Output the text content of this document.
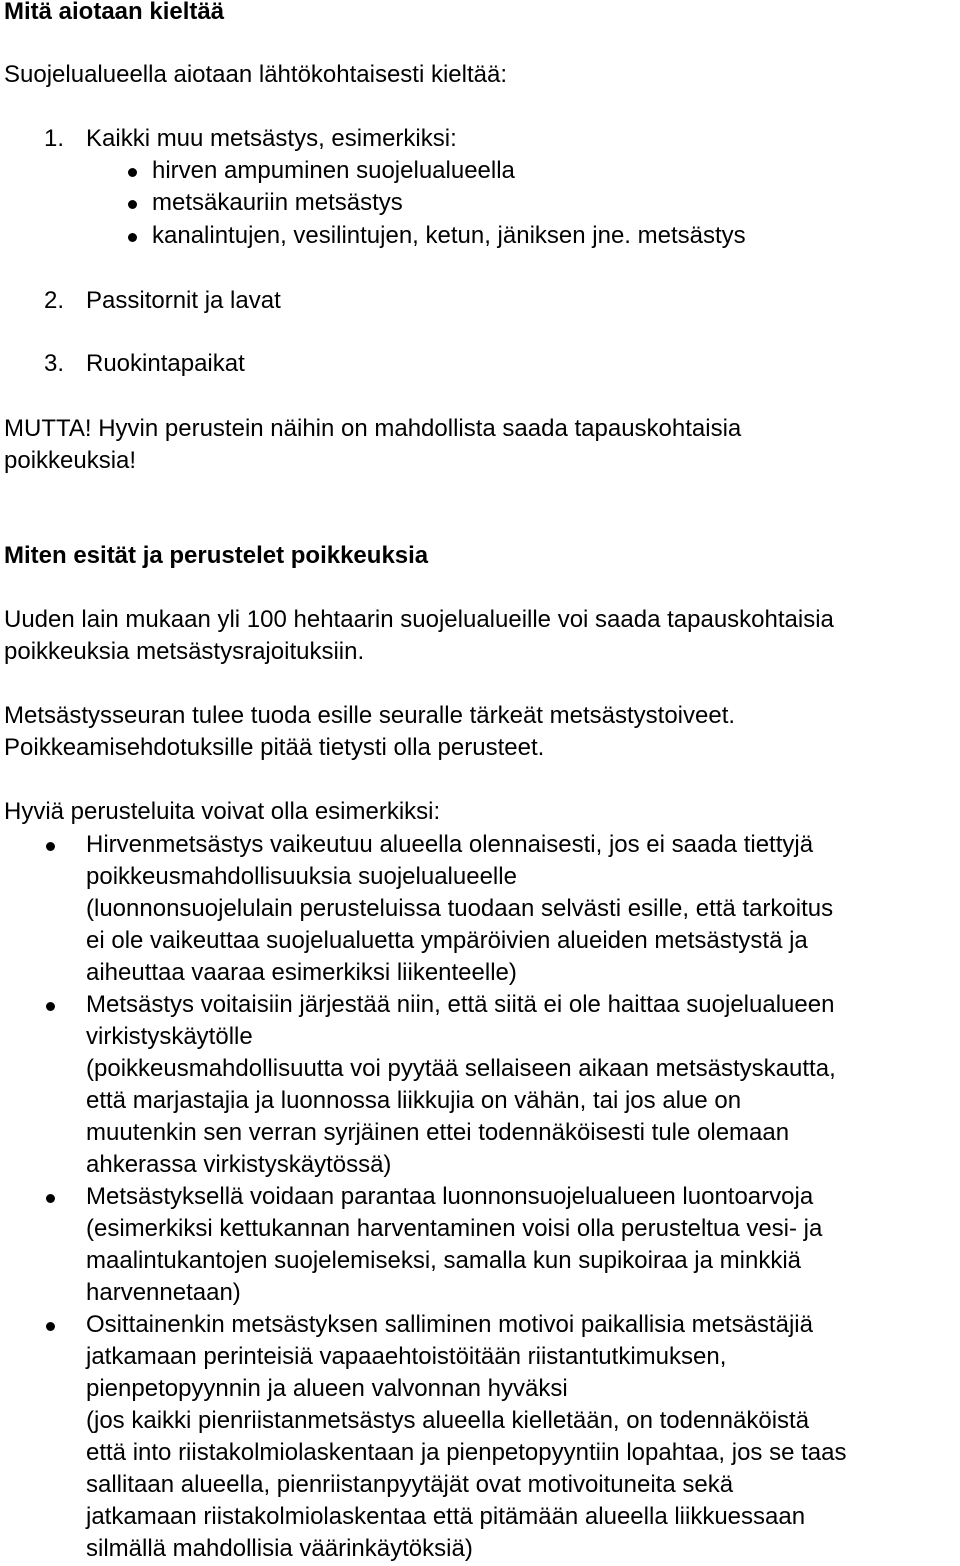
Mitä aiotaan kieltää
Suojelualueella aiotaan lähtökohtaisesti kieltää:
1. Kaikki muu metsästys, esimerkiksi:
hirven ampuminen suojelualueella
metsäkauriin metsästys
kanalintujen, vesilintujen, ketun, jäniksen jne. metsästys
2. Passitornit ja lavat
3. Ruokintapaikat
MUTTA! Hyvin perustein näihin on mahdollista saada tapauskohtaisia
poikkeuksia!
Miten esität ja perustelet poikkeuksia
Uuden lain mukaan yli 100 hehtaarin suojelualueille voi saada tapauskohtaisia
poikkeuksia metsästysrajoituksiin.
Metsästysseuran tulee tuoda esille seuralle tärkeät metsästystoiveet.
Poikkeamisehdotuksille pitää tietysti olla perusteet.
Hyviä perusteluita voivat olla esimerkiksi:
Hirvenmetsästys vaikeutuu alueella olennaisesti, jos ei saada tiettyjä
poikkeusmahdollisuuksia suojelualueelle
(luonnonsuojelulain perusteluissa tuodaan selvästi esille, että tarkoitus
ei ole vaikeuttaa suojelualuetta ympäröivien alueiden metsästystä ja
aiheuttaa vaaraa esimerkiksi liikenteelle)
Metsästys voitaisiin järjestää niin, että siitä ei ole haittaa suojelualueen
virkistyskäytölle
(poikkeusmahdollisuutta voi pyytää sellaiseen aikaan metsästyskautta,
että marjastajia ja luonnossa liikkujia on vähän, tai jos alue on
muutenkin sen verran syrjäinen ettei todennäköisesti tule olemaan
ahkerassa virkistyskäytössä)
Metsästyksellä voidaan parantaa luonnonsuojelualueen luontoarvoja
(esimerkiksi kettukannan harventaminen voisi olla perusteltua vesi- ja
maalintukantojen suojelemiseksi, samalla kun supikoiraa ja minkkiä
harvennetaan)
Osittainenkin metsästyksen salliminen motivoi paikallisia metsästäjiä
jatkamaan perinteisiä vapaaehtoistöitään riistantutkimuksen,
pienpetopyynnin ja alueen valvonnan hyväksi
(jos kaikki pienriistanmetsästys alueella kielletään, on todennäköistä
että into riistakolmiolaskentaan ja pienpetopyyntiin lopahtaa, jos se taas
sallitaan alueella, pienriistanpyytäjät ovat motivoituneita sekä
jatkamaan riistakolmiolaskentaa että pitämään alueella liikkuessaan
silmällä mahdollisia väärinkäytöksiä)
